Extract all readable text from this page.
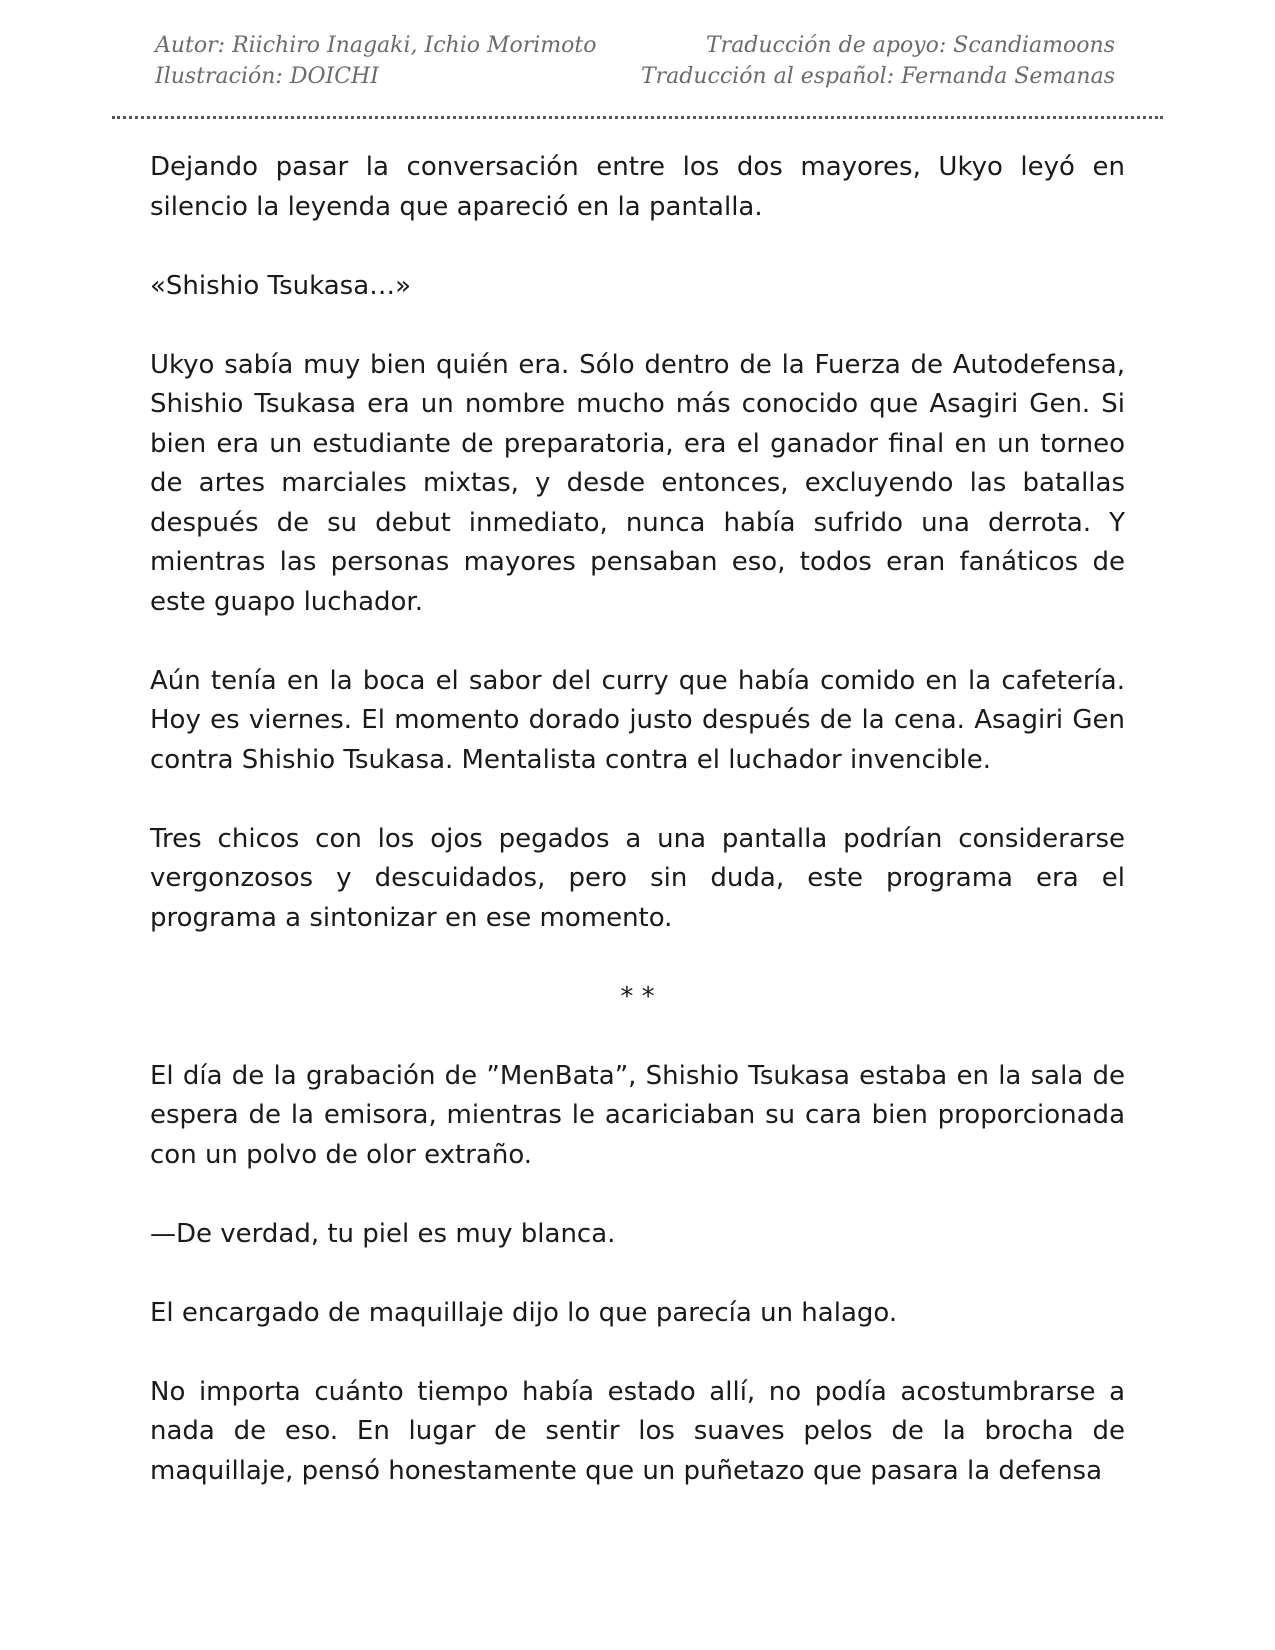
Autor: Riichiro Inagaki, Ichio Morimoto	Traducción de apoyo: Scandiamoons
Ilustración: DOICHI	Traducción al español: Fernanda Semanas

Dejando pasar la conversación entre los dos mayores, Ukyo leyó en silencio la leyenda que apareció en la pantalla.

«Shishio Tsukasa…»

Ukyo sabía muy bien quién era. Sólo dentro de la Fuerza de Autodefensa, Shishio Tsukasa era un nombre mucho más conocido que Asagiri Gen. Si bien era un estudiante de preparatoria, era el ganador final en un torneo de artes marciales mixtas, y desde entonces, excluyendo las batallas después de su debut inmediato, nunca había sufrido una derrota. Y mientras las personas mayores pensaban eso, todos eran fanáticos de este guapo luchador.

Aún tenía en la boca el sabor del curry que había comido en la cafetería. Hoy es viernes. El momento dorado justo después de la cena. Asagiri Gen contra Shishio Tsukasa. Mentalista contra el luchador invencible.

Tres chicos con los ojos pegados a una pantalla podrían considerarse vergonzosos y descuidados, pero sin duda, este programa era el programa a sintonizar en ese momento.

* *

El día de la grabación de ”MenBata”, Shishio Tsukasa estaba en la sala de espera de la emisora, mientras le acariciaban su cara bien proporcionada con un polvo de olor extraño.

—De verdad, tu piel es muy blanca.

El encargado de maquillaje dijo lo que parecía un halago.

No importa cuánto tiempo había estado allí, no podía acostumbrarse a nada de eso. En lugar de sentir los suaves pelos de la brocha de maquillaje, pensó honestamente que un puñetazo que pasara la defensa
